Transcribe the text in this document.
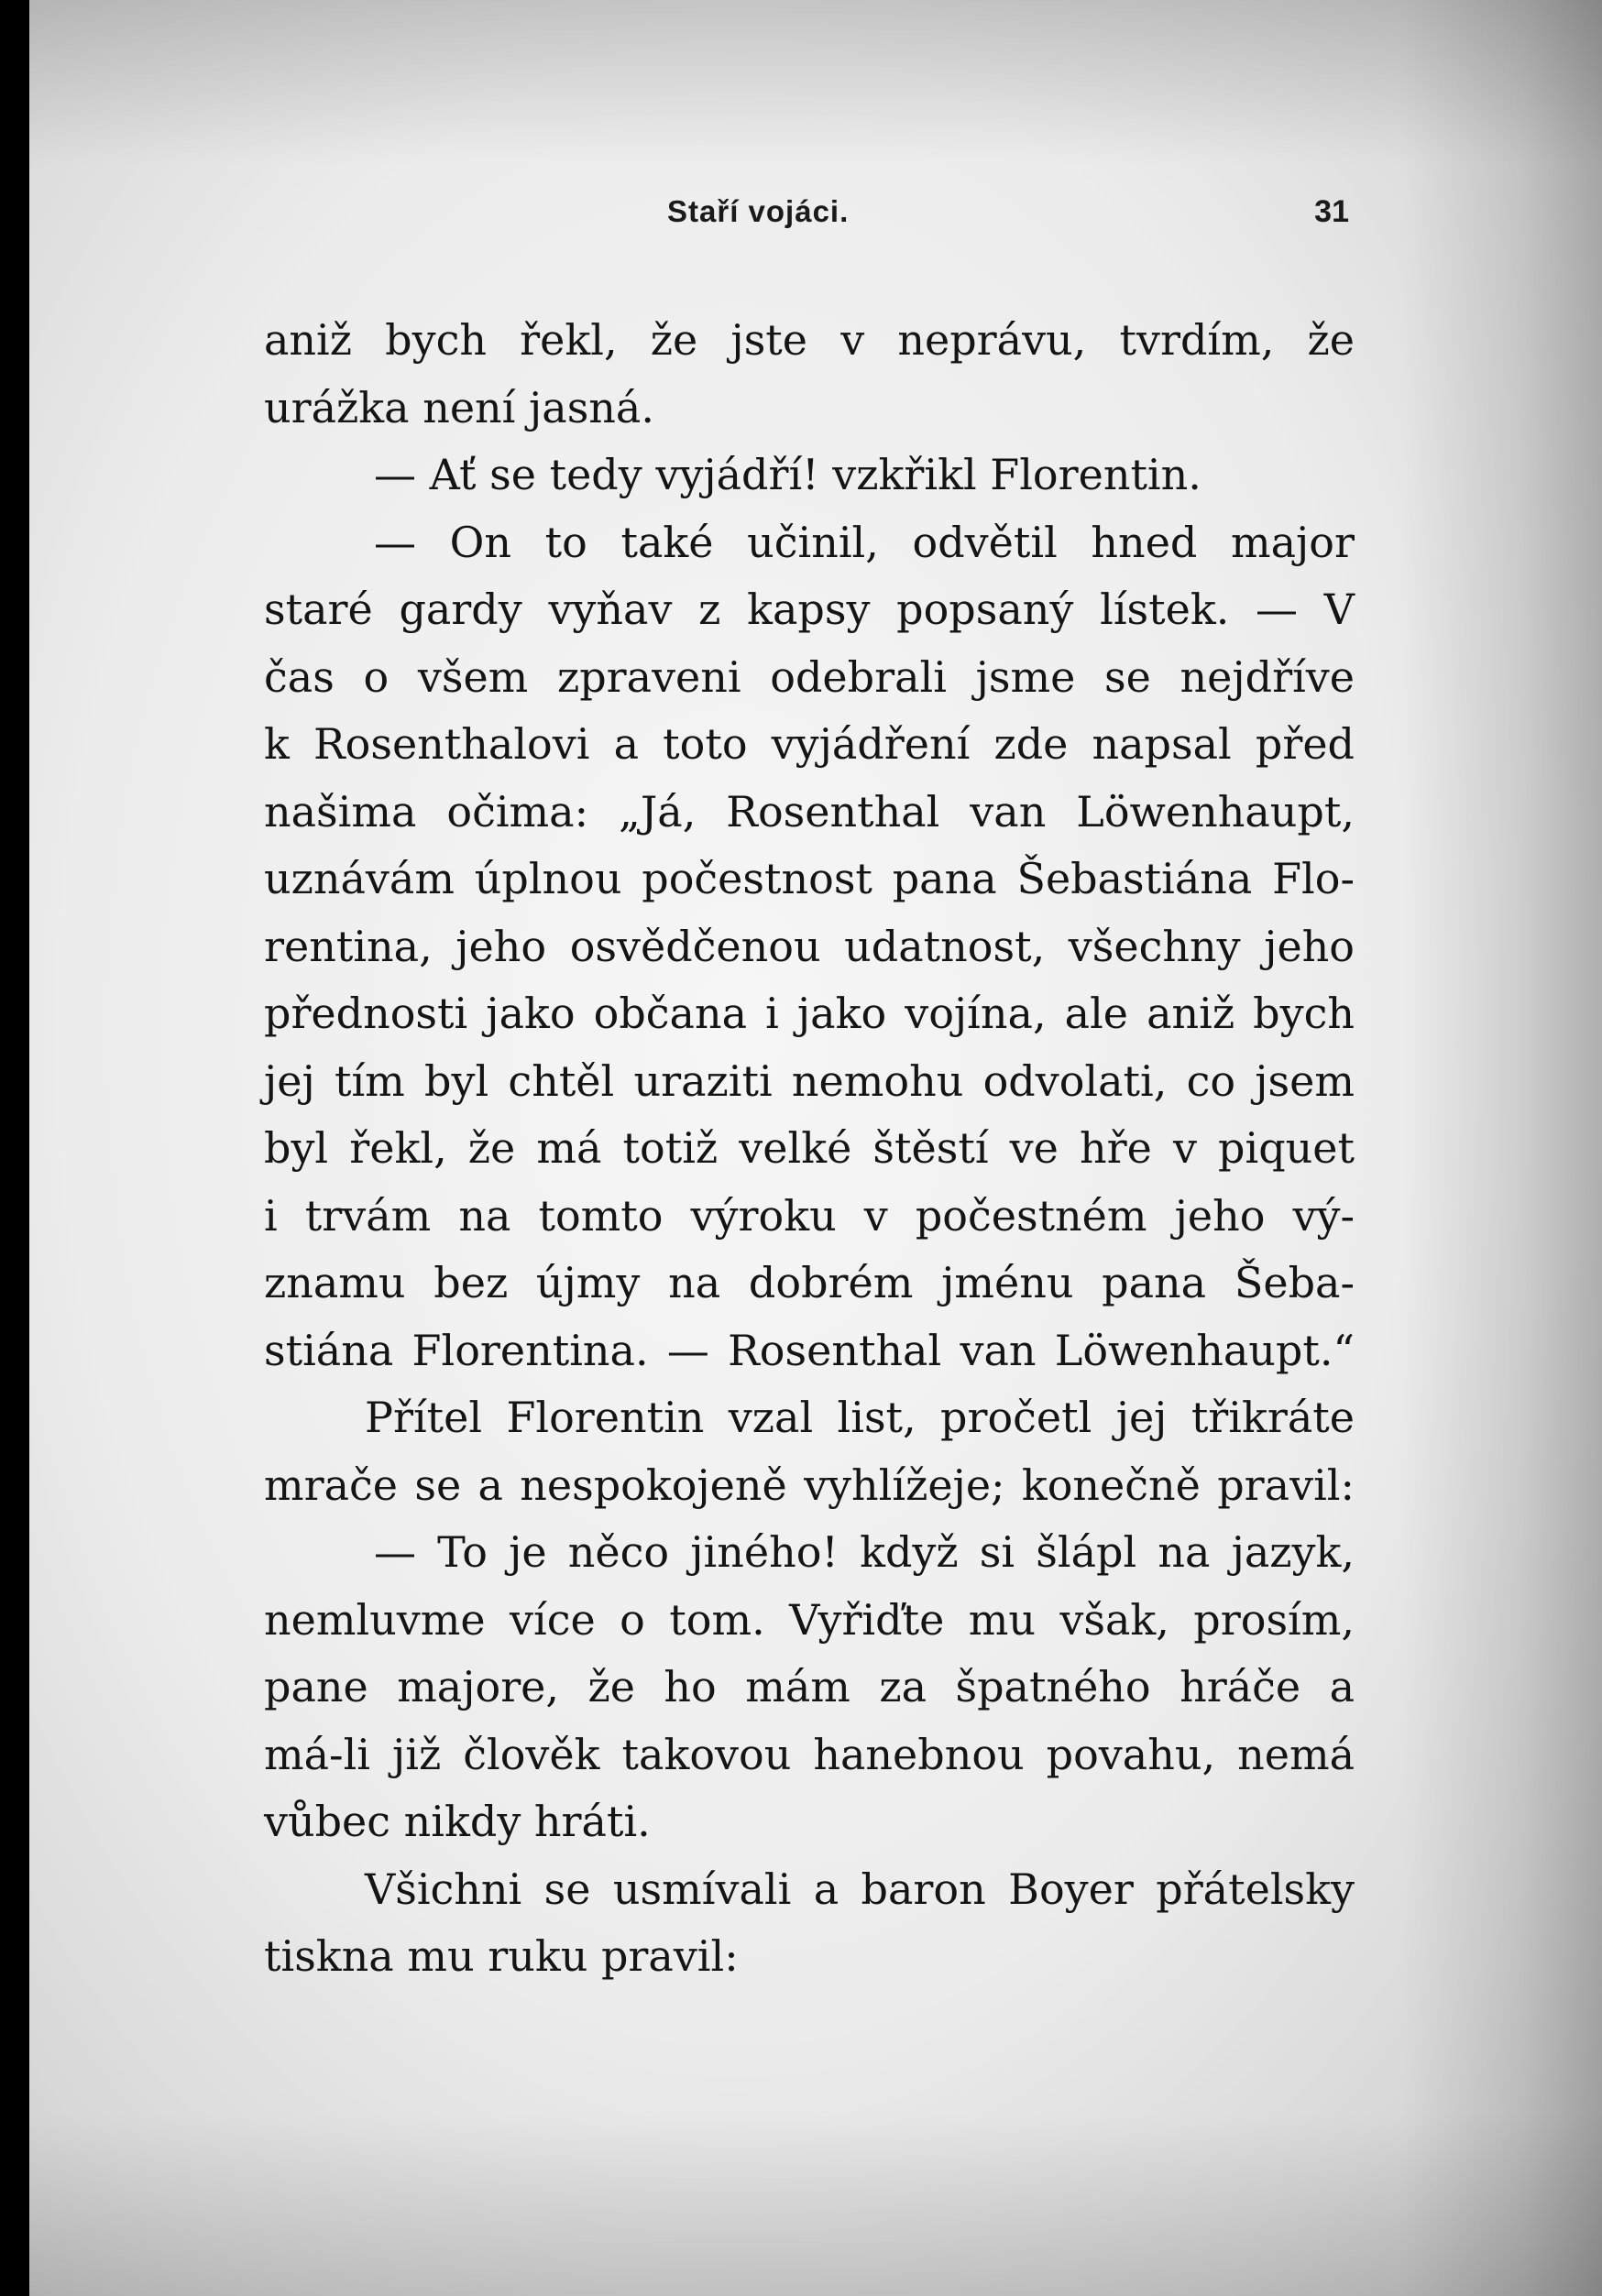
Staří vojáci.	31
aniž bych řekl, že jste v neprávu, tvrdím, že
urážka není jasná.
— Ať se tedy vyjádří! vzkřikl Florentin.
— On to také učinil, odvětil hned major
staré gardy vyňav z kapsy popsaný lístek. — V
čas o všem zpraveni odebrali jsme se nejdříve
k Rosenthalovi a toto vyjádření zde napsal před
našima očima: „Já, Rosenthal van Löwenhaupt,
uznávám úplnou počestnost pana Šebastiána Flo-
rentina, jeho osvědčenou udatnost, všechny jeho
přednosti jako občana i jako vojína, ale aniž bych
jej tím byl chtěl uraziti nemohu odvolati, co jsem
byl řekl, že má totiž velké štěstí ve hře v piquet
i trvám na tomto výroku v počestném jeho vý-
znamu bez újmy na dobrém jménu pana Šeba-
stiána Florentina. — Rosenthal van Löwenhaupt.“
Přítel Florentin vzal list, pročetl jej třikráte
mrače se a nespokojeně vyhlížeje; konečně pravil:
— To je něco jiného! když si šlápl na jazyk,
nemluvme více o tom. Vyřiďte mu však, prosím,
pane majore, že ho mám za špatného hráče a
má-li již člověk takovou hanebnou povahu, nemá
vůbec nikdy hráti.
Všichni se usmívali a baron Boyer přátelsky
tiskna mu ruku pravil:
